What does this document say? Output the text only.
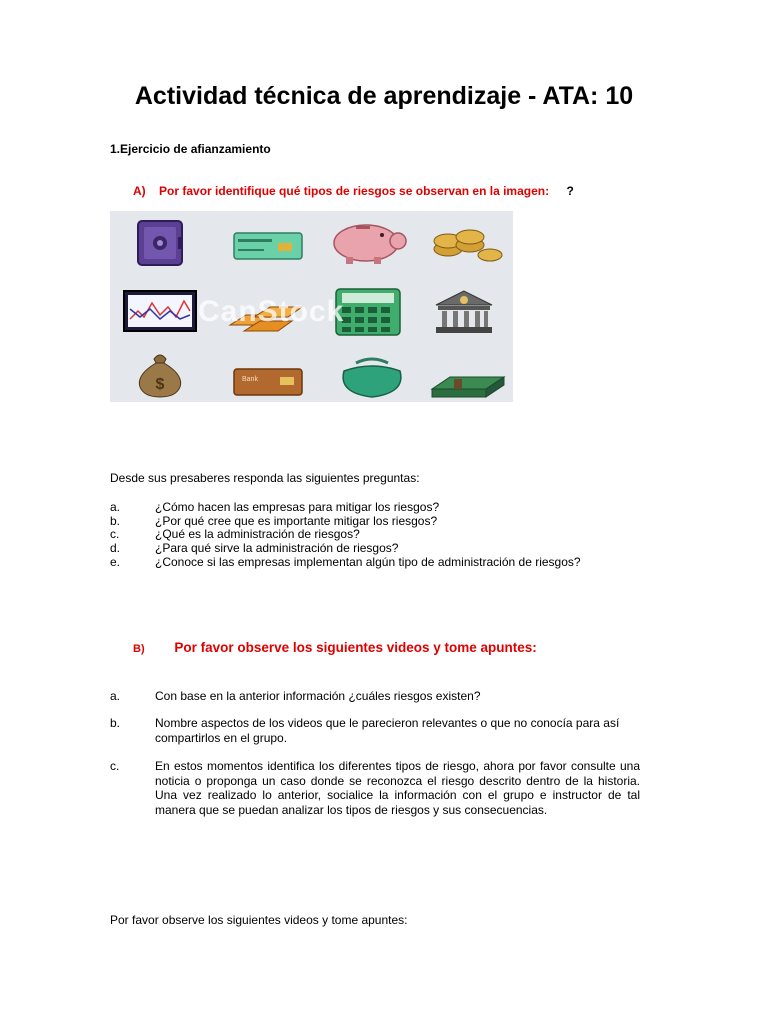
Actividad técnica de aprendizaje - ATA: 10
1.Ejercicio de afianzamiento
A) Por favor identifique qué tipos de riesgos se observan en la imagen: ?
$	Bank
CanStock
Desde sus presaberes responda las siguientes preguntas:
a.	¿Cómo hacen las empresas para mitigar los riesgos?
b.	¿Por qué cree que es importante mitigar los riesgos?
c.	¿Qué es la administración de riesgos?
d.	¿Para qué sirve la administración de riesgos?
e.	¿Conoce si las empresas implementan algún tipo de administración de riesgos?
B) Por favor observe los siguientes videos y tome apuntes:
a.	Con base en la anterior información ¿cuáles riesgos existen?
b.	Nombre aspectos de los videos que le parecieron relevantes o que no conocía para así compartirlos en el grupo.
c.	En estos momentos identifica los diferentes tipos de riesgo, ahora por favor consulte una noticia o proponga un caso donde se reconozca el riesgo descrito dentro de la historia. Una vez realizado lo anterior, socialice la información con el grupo e instructor de tal manera que se puedan analizar los tipos de riesgos y sus consecuencias.
Por favor observe los siguientes videos y tome apuntes:
